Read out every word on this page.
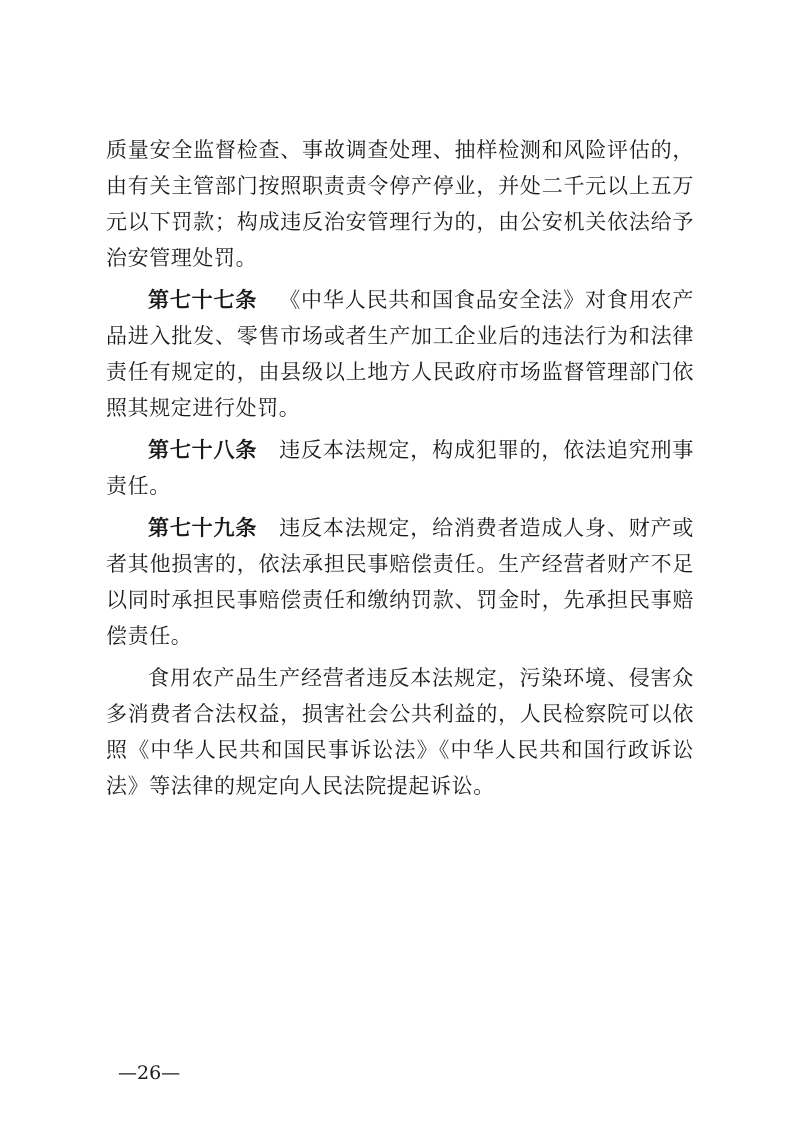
质量安全监督检查、事故调查处理、抽样检测和风险评估的，由有关主管部门按照职责责令停产停业，并处二千元以上五万元以下罚款；构成违反治安管理行为的，由公安机关依法给予治安管理处罚。

第七十七条 《中华人民共和国食品安全法》对食用农产品进入批发、零售市场或者生产加工企业后的违法行为和法律责任有规定的，由县级以上地方人民政府市场监督管理部门依照其规定进行处罚。

第七十八条 违反本法规定，构成犯罪的，依法追究刑事责任。

第七十九条 违反本法规定，给消费者造成人身、财产或者其他损害的，依法承担民事赔偿责任。生产经营者财产不足以同时承担民事赔偿责任和缴纳罚款、罚金时，先承担民事赔偿责任。

食用农产品生产经营者违反本法规定，污染环境、侵害众多消费者合法权益，损害社会公共利益的，人民检察院可以依照《中华人民共和国民事诉讼法》《中华人民共和国行政诉讼法》等法律的规定向人民法院提起诉讼。

—26—
